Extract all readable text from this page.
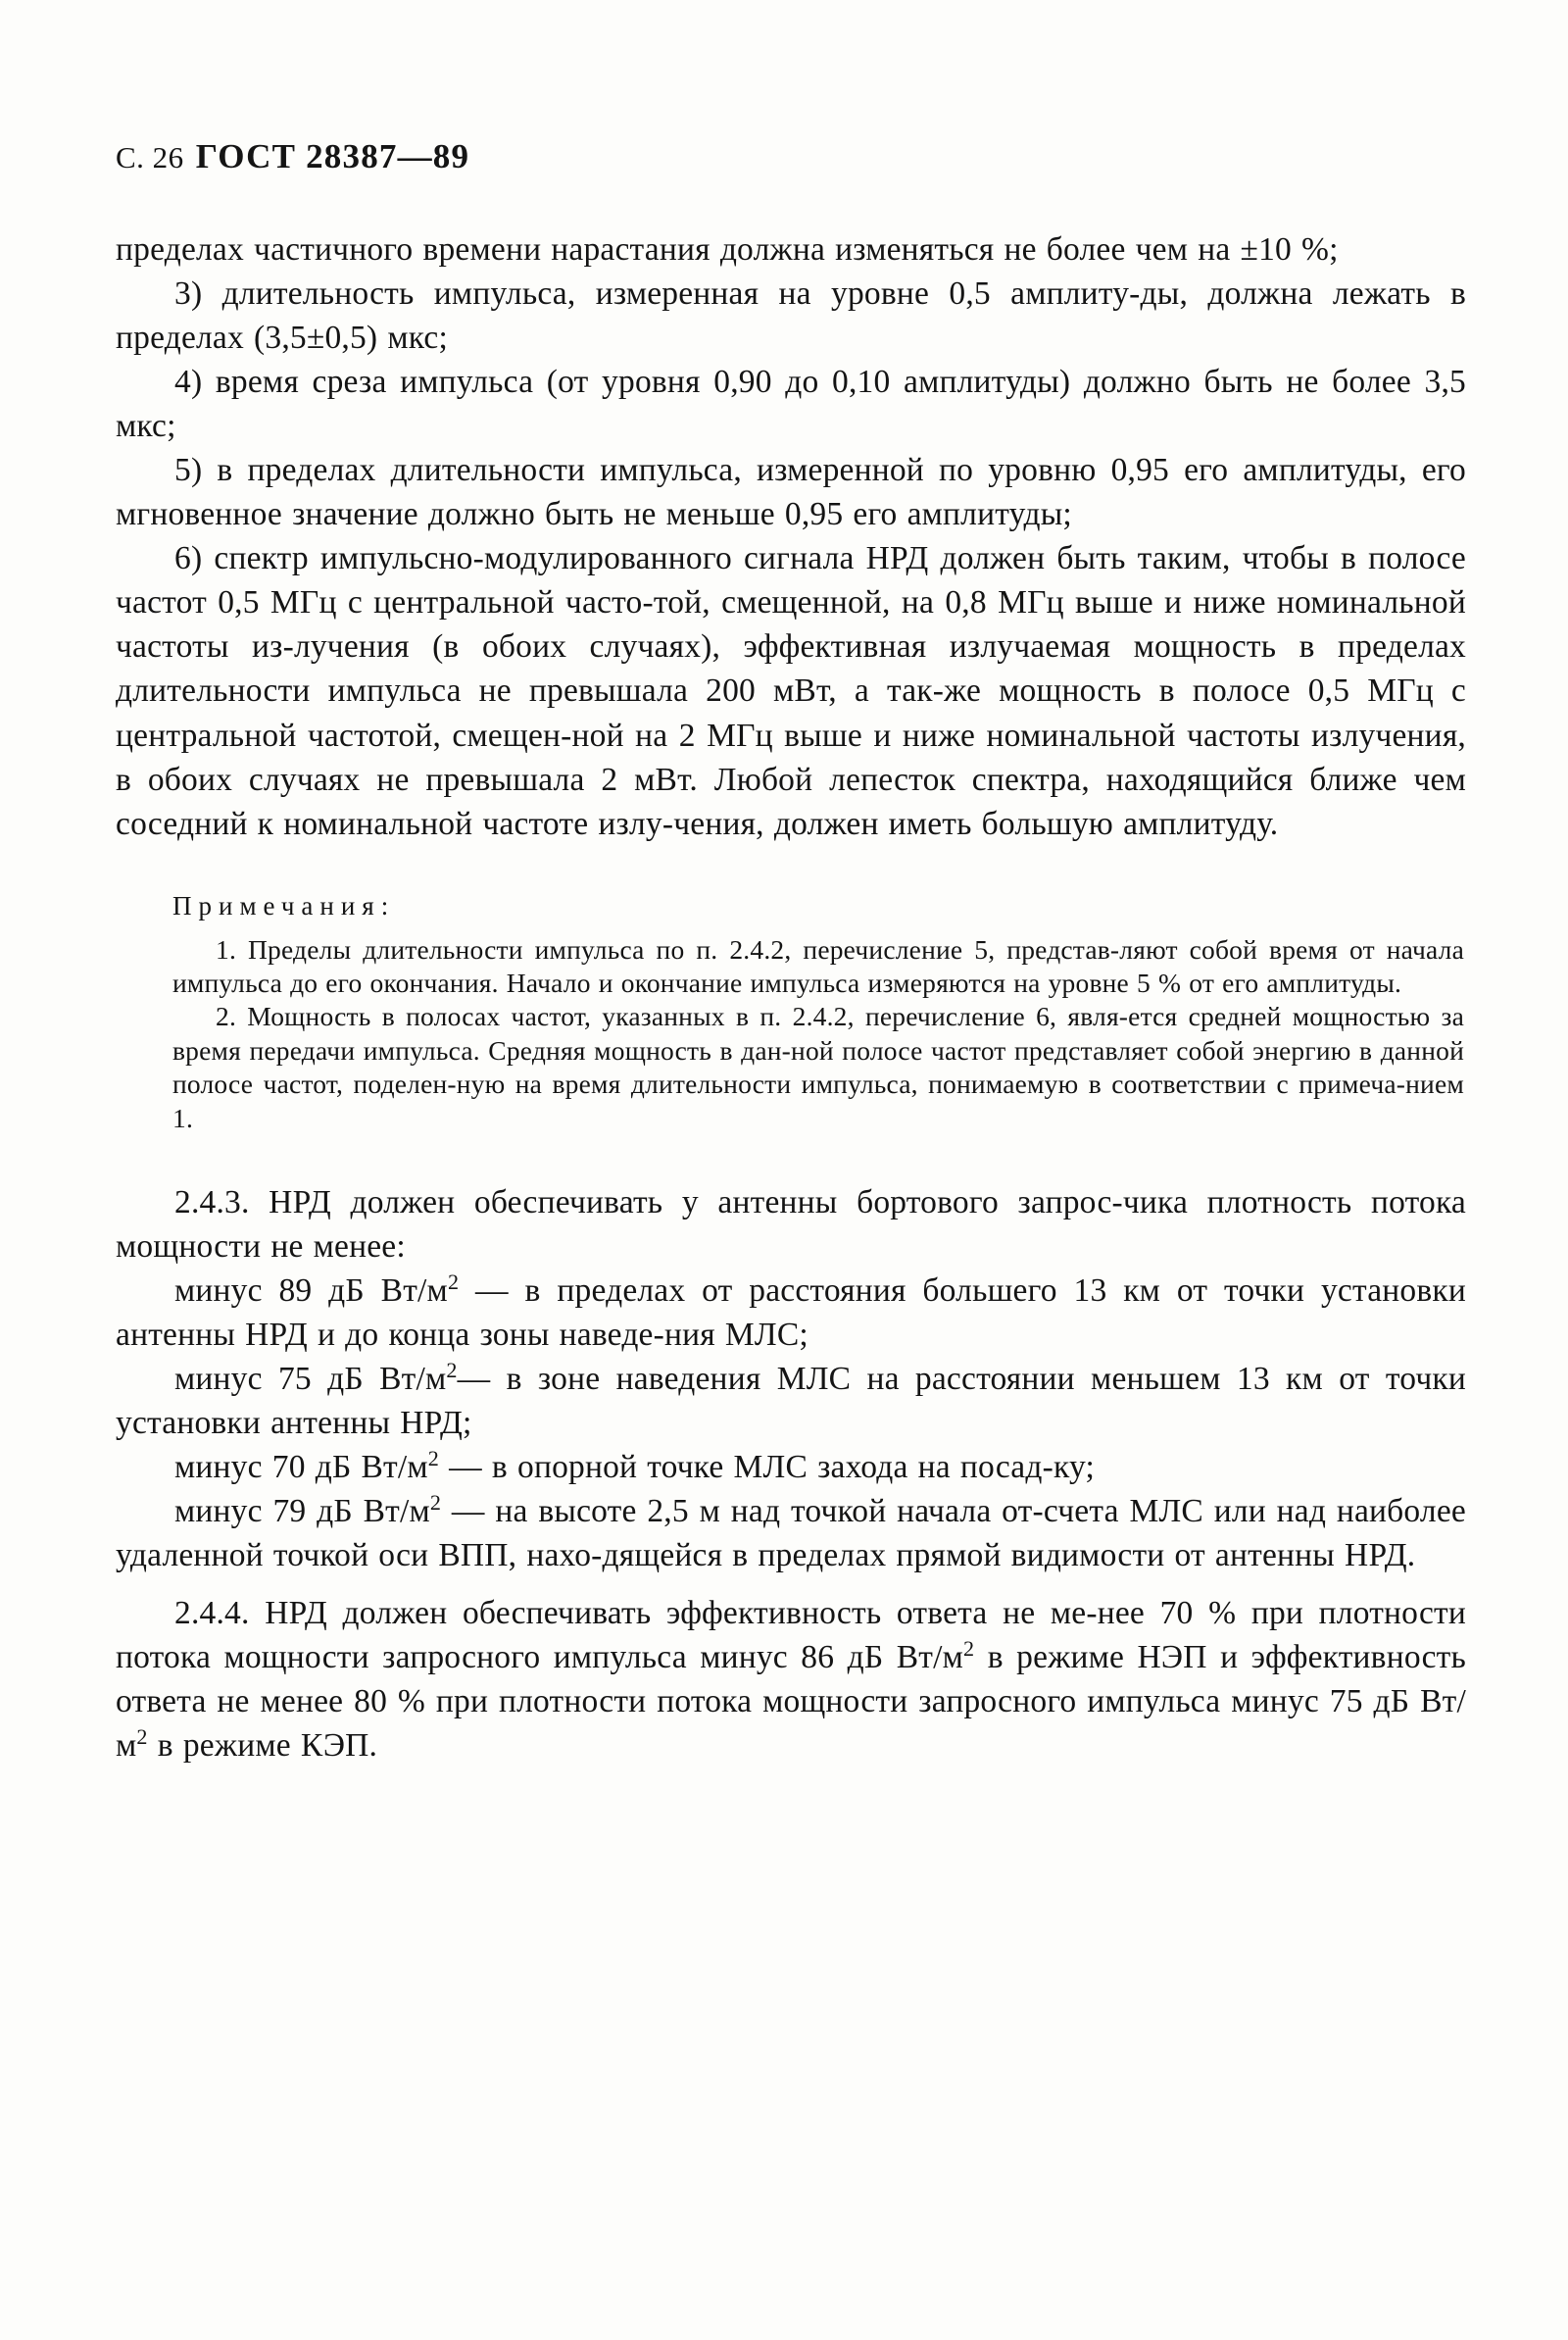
С. 26 ГОСТ 28387—89

пределах частичного времени нарастания должна изменяться не более чем на ±10 %;

3) длительность импульса, измеренная на уровне 0,5 амплиту-ды, должна лежать в пределах (3,5±0,5) мкс;

4) время среза импульса (от уровня 0,90 до 0,10 амплитуды) должно быть не более 3,5 мкс;

5) в пределах длительности импульса, измеренной по уровню 0,95 его амплитуды, его мгновенное значение должно быть не меньше 0,95 его амплитуды;

6) спектр импульсно-модулированного сигнала НРД должен быть таким, чтобы в полосе частот 0,5 МГц с центральной часто-той, смещенной, на 0,8 МГц выше и ниже номинальной частоты из-лучения (в обоих случаях), эффективная излучаемая мощность в пределах длительности импульса не превышала 200 мВт, а так-же мощность в полосе 0,5 МГц с центральной частотой, смещен-ной на 2 МГц выше и ниже номинальной частоты излучения, в обоих случаях не превышала 2 мВт. Любой лепесток спектра, находящийся ближе чем соседний к номинальной частоте излу-чения, должен иметь большую амплитуду.

Примечания:

1. Пределы длительности импульса по п. 2.4.2, перечисление 5, представ-ляют собой время от начала импульса до его окончания. Начало и окончание импульса измеряются на уровне 5 % от его амплитуды.

2. Мощность в полосах частот, указанных в п. 2.4.2, перечисление 6, явля-ется средней мощностью за время передачи импульса. Средняя мощность в дан-ной полосе частот представляет собой энергию в данной полосе частот, поделен-ную на время длительности импульса, понимаемую в соответствии с примеча-нием 1.

2.4.3. НРД должен обеспечивать у антенны бортового запрос-чика плотность потока мощности не менее:

минус 89 дБ $Вт/м^2$ — в пределах от расстояния большего 13 км от точки установки антенны НРД и до конца зоны наведе-ния МЛС;

минус 75 дБ $Вт/м^2—$ в зоне наведения МЛС на расстоянии меньшем 13 км от точки установки антенны НРД;

минус 70 дБ $Вт/м^2$ — в опорной точке МЛС захода на посад-ку;

минус 79 дБ $Вт/м^2$ — на высоте 2,5 м над точкой начала от-счета МЛС или над наиболее удаленной точкой оси ВПП, нахо-дящейся в пределах прямой видимости от антенны НРД.

2.4.4. НРД должен обеспечивать эффективность ответа не ме-нее 70 % при плотности потока мощности запросного импульса минус 86 дБ $Вт/м^2$ в режиме НЭП и эффективность ответа не менее 80 % при плотности потока мощности запросного импульса минус 75 дБ $Вт/м^2$ в режиме КЭП.
